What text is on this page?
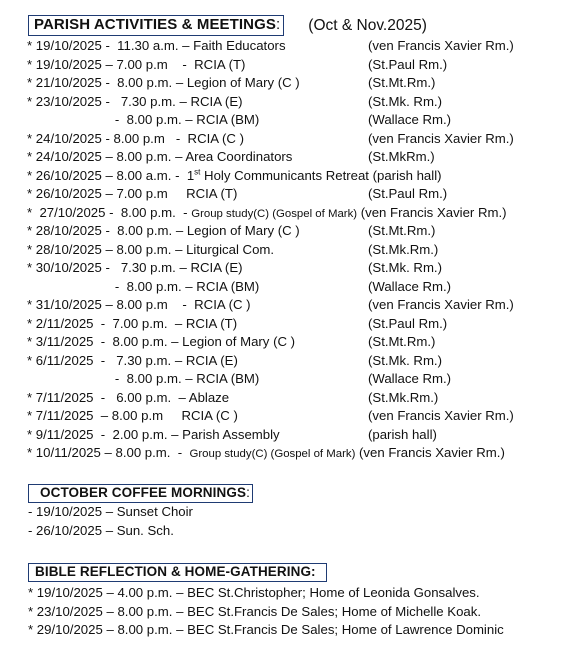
PARISH ACTIVITIES & MEETINGS: (Oct & Nov.2025)
* 19/10/2025 -  11.30 a.m. – Faith Educators	(ven Francis Xavier Rm.)
* 19/10/2025 – 7.00 p.m    -  RCIA (T)	(St.Paul Rm.)
* 21/10/2025 -  8.00 p.m. – Legion of Mary (C )	(St.Mt.Rm.)
* 23/10/2025 -   7.30 p.m. – RCIA (E)	(St.Mk. Rm.)
-  8.00 p.m. – RCIA (BM)	(Wallace Rm.)
* 24/10/2025 - 8.00 p.m   -  RCIA (C )	(ven Francis Xavier Rm.)
* 24/10/2025 – 8.00 p.m. – Area Coordinators	(St.MkRm.)
* 26/10/2025 – 8.00 a.m. -  1st Holy Communicants Retreat (parish hall)
* 26/10/2025 – 7.00 p.m     RCIA (T)	(St.Paul Rm.)
*  27/10/2025 -  8.00 p.m.  - Group study(C) (Gospel of Mark) (ven Francis Xavier Rm.)
* 28/10/2025 -  8.00 p.m. – Legion of Mary (C )	(St.Mt.Rm.)
* 28/10/2025 – 8.00 p.m. – Liturgical Com.	(St.Mk.Rm.)
* 30/10/2025 -   7.30 p.m. – RCIA (E)	(St.Mk. Rm.)
-  8.00 p.m. – RCIA (BM)	(Wallace Rm.)
* 31/10/2025 – 8.00 p.m    -  RCIA (C )	(ven Francis Xavier Rm.)
* 2/11/2025  -  7.00 p.m.  – RCIA (T)	(St.Paul Rm.)
* 3/11/2025  -  8.00 p.m. – Legion of Mary (C )	(St.Mt.Rm.)
* 6/11/2025  -   7.30 p.m. – RCIA (E)	(St.Mk. Rm.)
-  8.00 p.m. – RCIA (BM)	(Wallace Rm.)
* 7/11/2025  -   6.00 p.m.  – Ablaze	(St.Mk.Rm.)
* 7/11/2025  – 8.00 p.m     RCIA (C )	(ven Francis Xavier Rm.)
* 9/11/2025  -  2.00 p.m. – Parish Assembly	(parish hall)
* 10/11/2025 – 8.00 p.m.  -  Group study(C) (Gospel of Mark) (ven Francis Xavier Rm.)
OCTOBER COFFEE MORNINGS:
- 19/10/2025 – Sunset Choir
- 26/10/2025 – Sun. Sch.
BIBLE REFLECTION & HOME-GATHERING:
* 19/10/2025 – 4.00 p.m. – BEC St.Christopher; Home of Leonida Gonsalves.
* 23/10/2025 – 8.00 p.m. – BEC St.Francis De Sales; Home of Michelle Koak.
* 29/10/2025 – 8.00 p.m. – BEC St.Francis De Sales; Home of Lawrence Dominic
